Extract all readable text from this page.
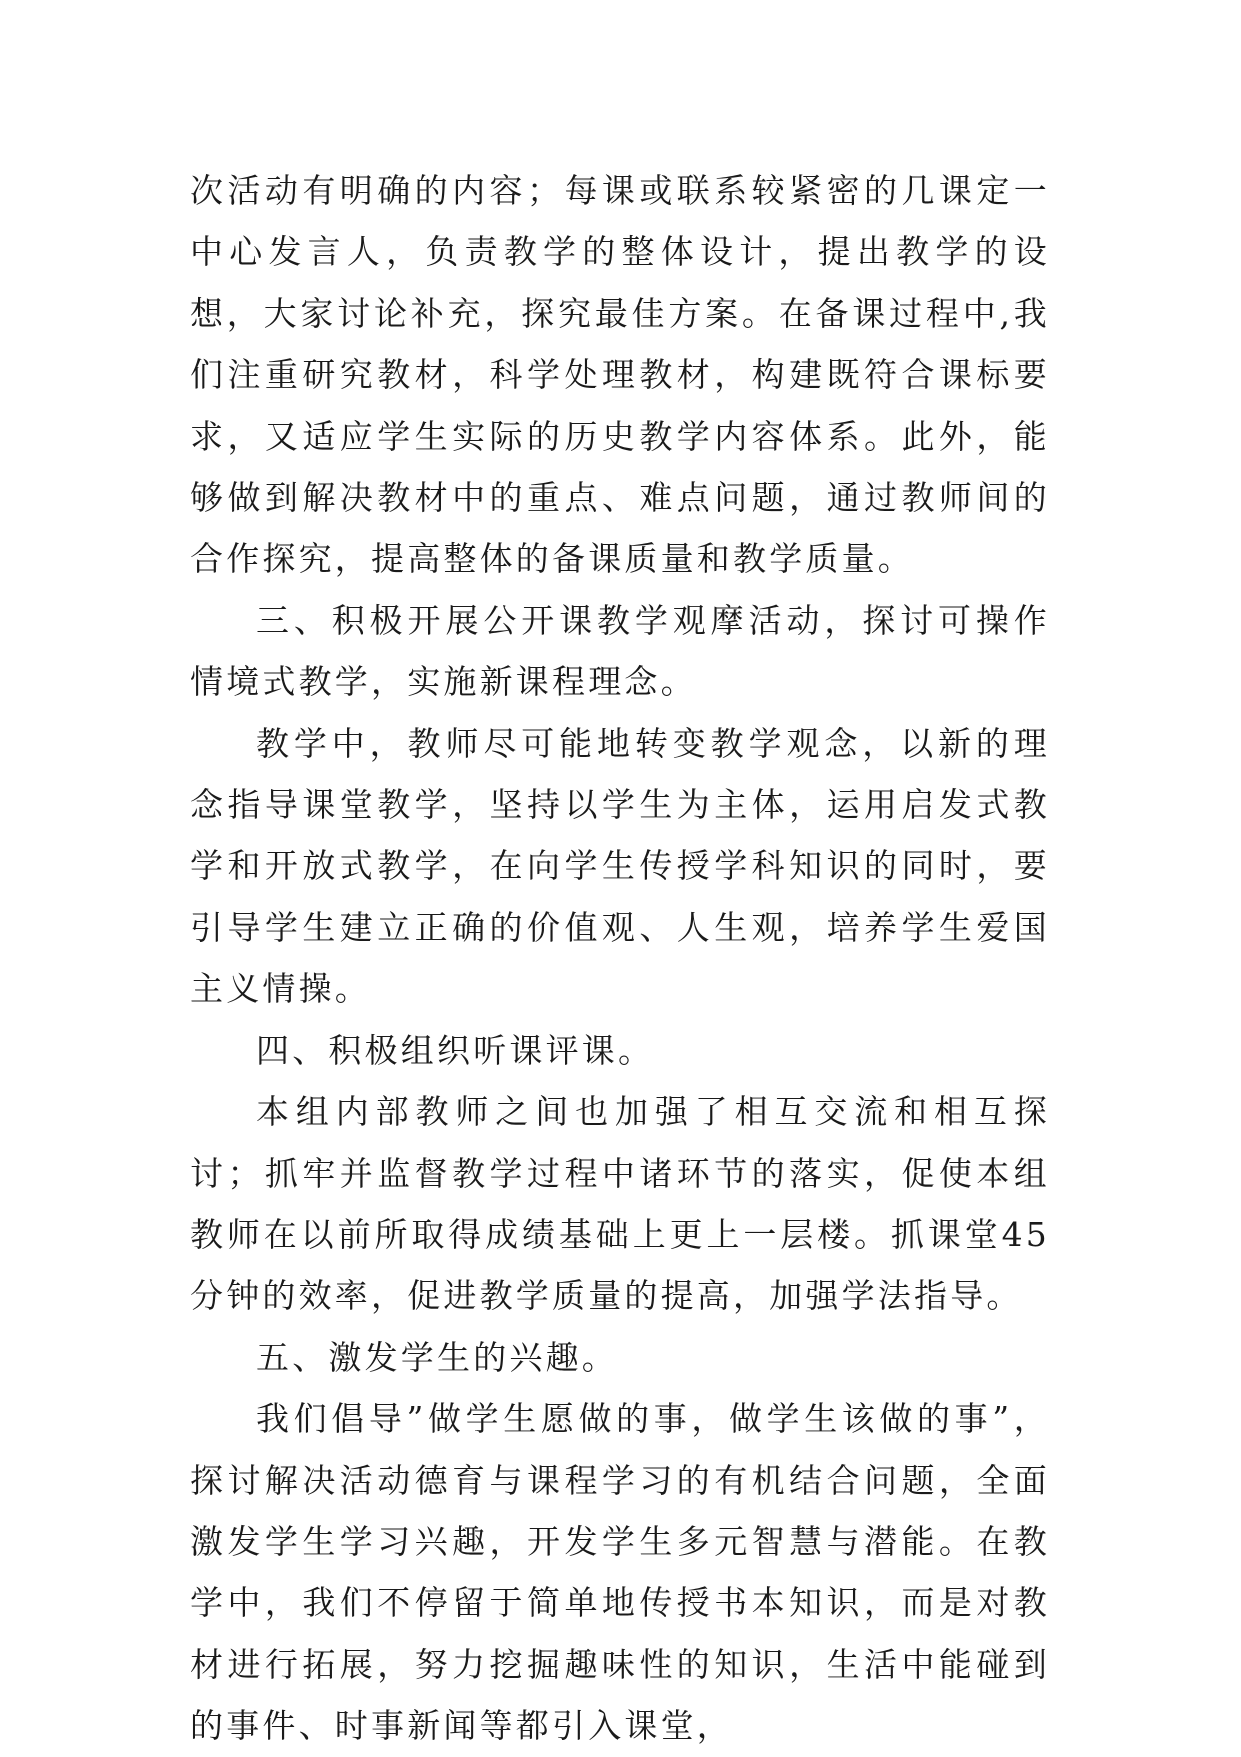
次活动有明确的内容；每课或联系较紧密的几课定一中心发言人，负责教学的整体设计，提出教学的设想，大家讨论补充，探究最佳方案。在备课过程中,我们注重研究教材，科学处理教材，构建既符合课标要求，又适应学生实际的历史教学内容体系。此外，能够做到解决教材中的重点、难点问题，通过教师间的合作探究，提高整体的备课质量和教学质量。

三、积极开展公开课教学观摩活动，探讨可操作情境式教学，实施新课程理念。

教学中，教师尽可能地转变教学观念，以新的理念指导课堂教学，坚持以学生为主体，运用启发式教学和开放式教学，在向学生传授学科知识的同时，要引导学生建立正确的价值观、人生观，培养学生爱国主义情操。

四、积极组织听课评课。

本组内部教师之间也加强了相互交流和相互探讨；抓牢并监督教学过程中诸环节的落实，促使本组教师在以前所取得成绩基础上更上一层楼。抓课堂45分钟的效率，促进教学质量的提高，加强学法指导。

五、激发学生的兴趣。

我们倡导”做学生愿做的事，做学生该做的事”，探讨解决活动德育与课程学习的有机结合问题，全面激发学生学习兴趣，开发学生多元智慧与潜能。在教学中，我们不停留于简单地传授书本知识，而是对教材进行拓展，努力挖掘趣味性的知识，生活中能碰到的事件、时事新闻等都引入课堂，
